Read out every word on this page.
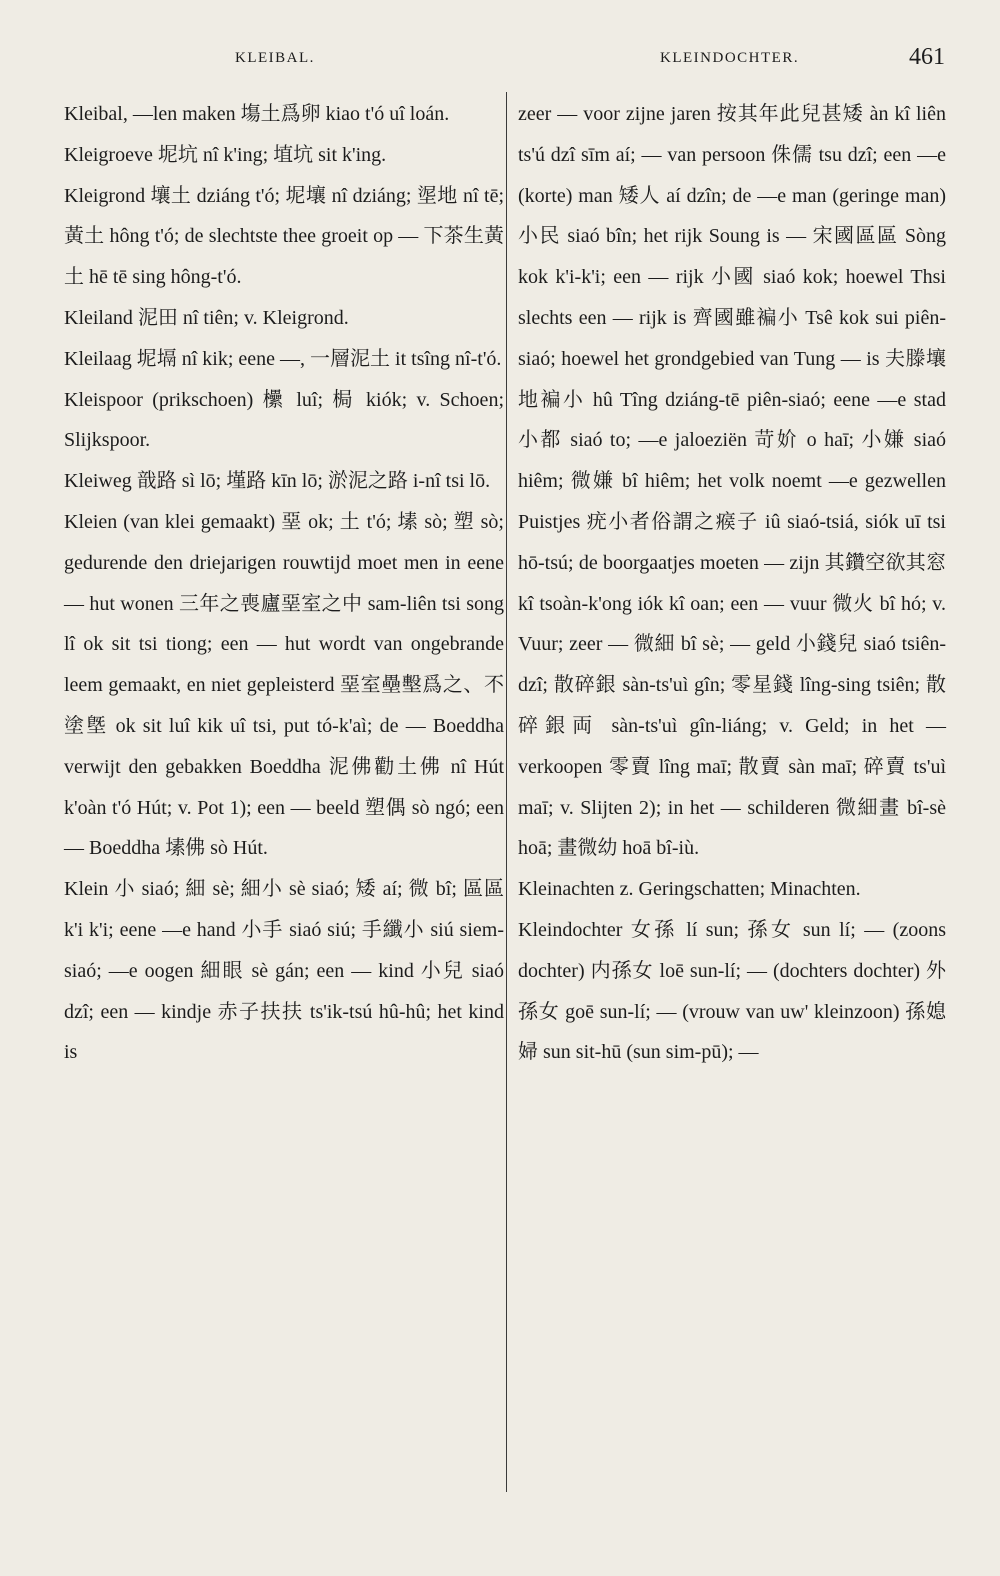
KLEIBAL.	KLEINDOCHTER.	461

Kleibal, —len maken 塲土爲卵 kiao t'ó uî loán.

Kleigroeve 坭坑 nî k'ing; 埴坑 sit k'ing.

Kleigrond 壤土 dziáng t'ó; 坭壤 nî dziáng; 埿地 nî tē; 黃土 hông t'ó; de slechtste thee groeit op — 下茶生黃土 hē tē sing hông-t'ó.

Kleiland 泥田 nî tiên; v. Kleigrond.

Kleilaag 坭塥 nî kik; eene —, 一層泥土 it tsîng nî-t'ó.

Kleispoor (prikschoen) 欙 luî; 梮 kiók; v. Schoen; Slijkspoor.

Kleiweg 戠路 sì lō; 墐路 kīn lō; 淤泥之路 i-nî tsi lō.

Kleien (van klei gemaakt) 堊 ok; 土 t'ó; 塐 sò; 塑 sò; gedurende den driejarigen rouwtijd moet men in eene — hut wonen 三年之喪廬堊室之中 sam-liên tsi song lî ok sit tsi tiong; een — hut wordt van ongebrande leem gemaakt, en niet gepleisterd 堊室壘墼爲之、不塗墍 ok sit luî kik uî tsi, put tó-k'aì; de — Boeddha verwijt den gebakken Boeddha 泥佛勸土佛 nî Hút k'oàn t'ó Hút; v. Pot 1); een — beeld 塑偶 sò ngó; een — Boeddha 塐佛 sò Hút.

Klein 小 siaó; 細 sè; 細小 sè siaó; 矮 aí; 微 bî; 區區 k'i k'i; eene —e hand 小手 siaó siú; 手纖小 siú siem-siaó; —e oogen 細眼 sè gán; een — kind 小兒 siaó dzî; een — kindje 赤子扶扶 ts'ik-tsú hû-hû; het kind is

zeer — voor zijne jaren 按其年此兒甚矮 àn kî liên ts'ú dzî sīm aí; — van persoon 侏儒 tsu dzî; een —e (korte) man 矮人 aí dzîn; de —e man (geringe man) 小民 siaó bîn; het rijk Soung is — 宋國區區 Sòng kok k'i-k'i; een — rijk 小國 siaó kok; hoewel Thsi slechts een — rijk is 齊國雖褊小 Tsê kok sui piên-siaó; hoewel het grondgebied van Tung — is 夫滕壤地褊小 hû Tîng dziáng-tē piên-siaó; eene —e stad 小都 siaó to; —e jaloeziën 苛妎 o haī; 小嫌 siaó hiêm; 微嫌 bî hiêm; het volk noemt —e gezwellen Puistjes 疣小者俗謂之瘊子 iû siaó-tsiá, siók uī tsi hō-tsú; de boorgaatjes moeten — zijn 其鑽空欲其窓 kî tsoàn-k'ong iók kî oan; een — vuur 微火 bî hó; v. Vuur; zeer — 微細 bî sè; — geld 小錢兒 siaó tsiên-dzî; 散碎銀 sàn-ts'uì gîn; 零星錢 lîng-sing tsiên; 散碎銀両 sàn-ts'uì gîn-liáng; v. Geld; in het — verkoopen 零賣 lîng maī; 散賣 sàn maī; 碎賣 ts'uì maī; v. Slijten 2); in het — schilderen 微細畫 bî-sè hoā; 畫微幼 hoā bî-iù.

Kleinachten z. Geringschatten; Minachten.

Kleindochter 女孫 lí sun; 孫女 sun lí; — (zoons dochter) 内孫女 loē sun-lí; — (dochters dochter) 外孫女 goē sun-lí; — (vrouw van uw' kleinzoon) 孫媳婦 sun sit-hū (sun sim-pū); —
